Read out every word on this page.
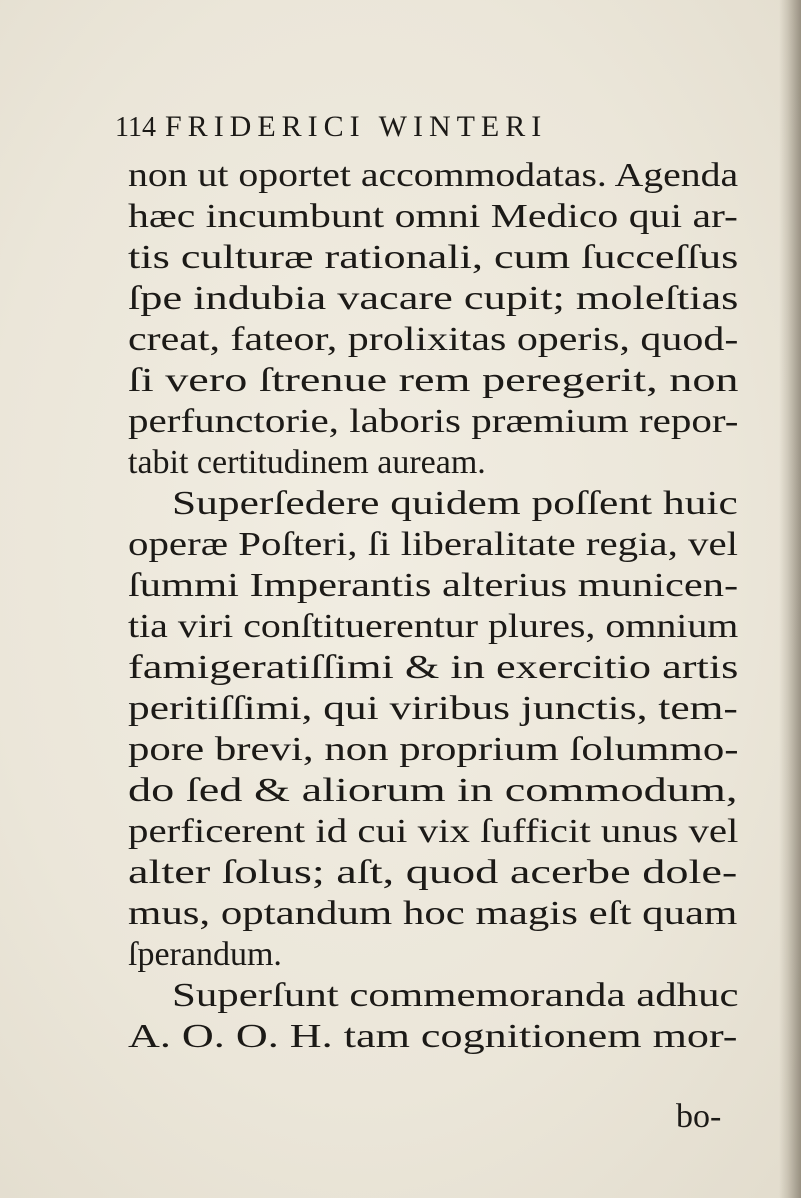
114 FRIDERICI WINTERI
non ut oportet accommodatas. Agenda
hæc incumbunt omni Medico qui ar-
tis culturæ rationali, cum ſucceſſus
ſpe indubia vacare cupit; moleſtias
creat, fateor, prolixitas operis, quod-
ſi vero ſtrenue rem peregerit, non
perfunctorie, laboris præmium repor-
tabit certitudinem auream.
Superſedere quidem poſſent huic
operæ Poſteri, ſi liberalitate regia, vel
ſummi Imperantis alterius municen-
tia viri conſtituerentur plures, omnium
famigeratiſſimi & in exercitio artis
peritiſſimi, qui viribus junctis, tem-
pore brevi, non proprium ſolummo-
do ſed & aliorum in commodum,
perficerent id cui vix ſufficit unus vel
alter ſolus; aſt, quod acerbe dole-
mus, optandum hoc magis eſt quam
ſperandum.
Superſunt commemoranda adhuc
A. O. O. H. tam cognitionem mor-
bo-
